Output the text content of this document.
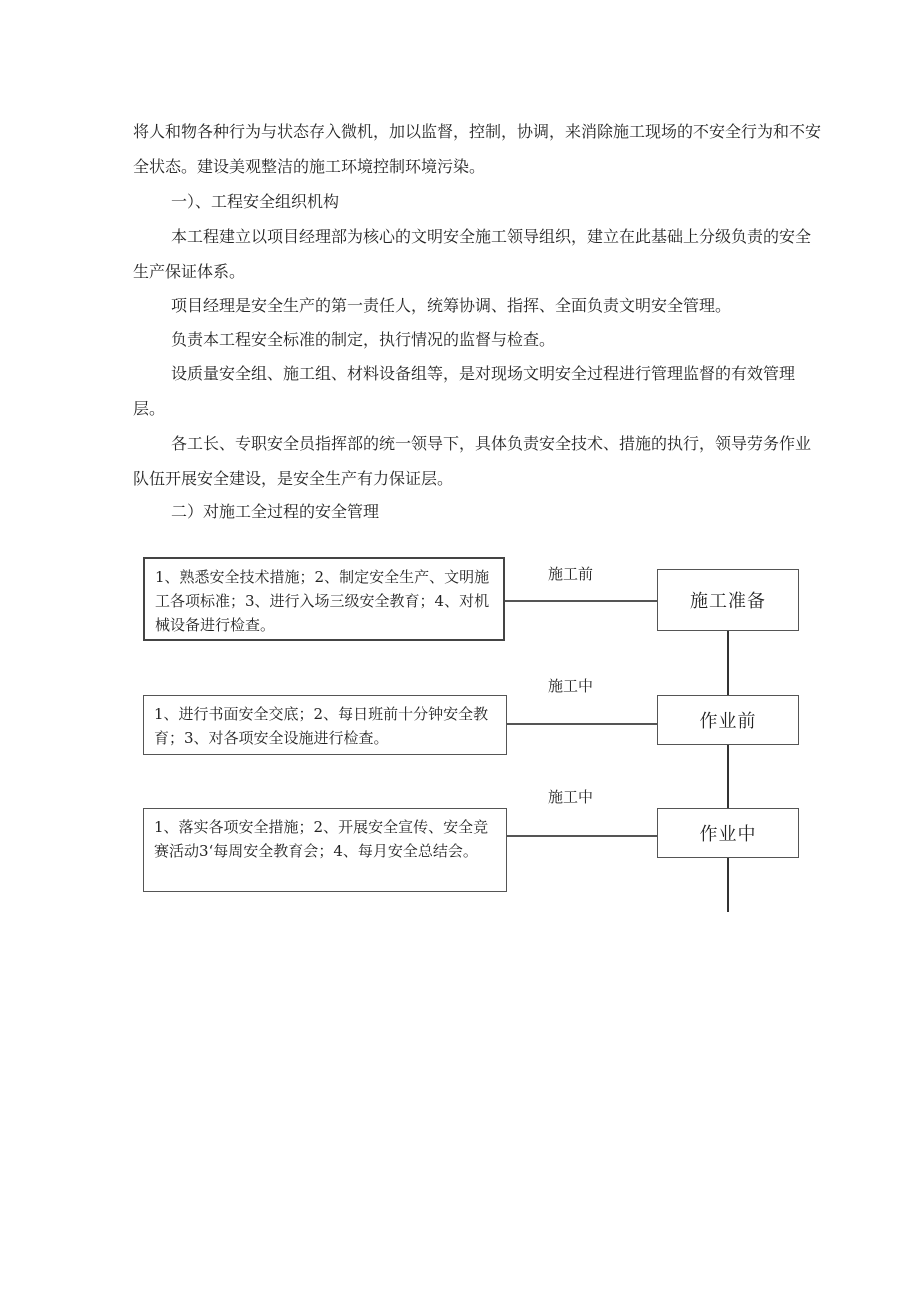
将人和物各种行为与状态存入微机，加以监督，控制，协调，来消除施工现场的不安全行为和不安全状态。建设美观整洁的施工环境控制环境污染。

一）、工程安全组织机构

本工程建立以项目经理部为核心的文明安全施工领导组织，建立在此基础上分级负责的安全生产保证体系。

项目经理是安全生产的第一责任人，统筹协调、指挥、全面负责文明安全管理。

负责本工程安全标准的制定，执行情况的监督与检查。

设质量安全组、施工组、材料设备组等，是对现场文明安全过程进行管理监督的有效管理层。

各工长、专职安全员指挥部的统一领导下，具体负责安全技术、措施的执行，领导劳务作业队伍开展安全建设，是安全生产有力保证层。

二）对施工全过程的安全管理

1、熟悉安全技术措施；2、制定安全生产、文明施工各项标准；3、进行入场三级安全教育；4、对机械设备进行检查。
施工前
施工准备
1、进行书面安全交底；2、每日班前十分钟安全教育；3、对各项安全设施进行检查。
施工中
作业前
1、落实各项安全措施；2、开展安全宣传、安全竞赛活动3‘每周安全教育会；4、每月安全总结会。
施工中
作业中
